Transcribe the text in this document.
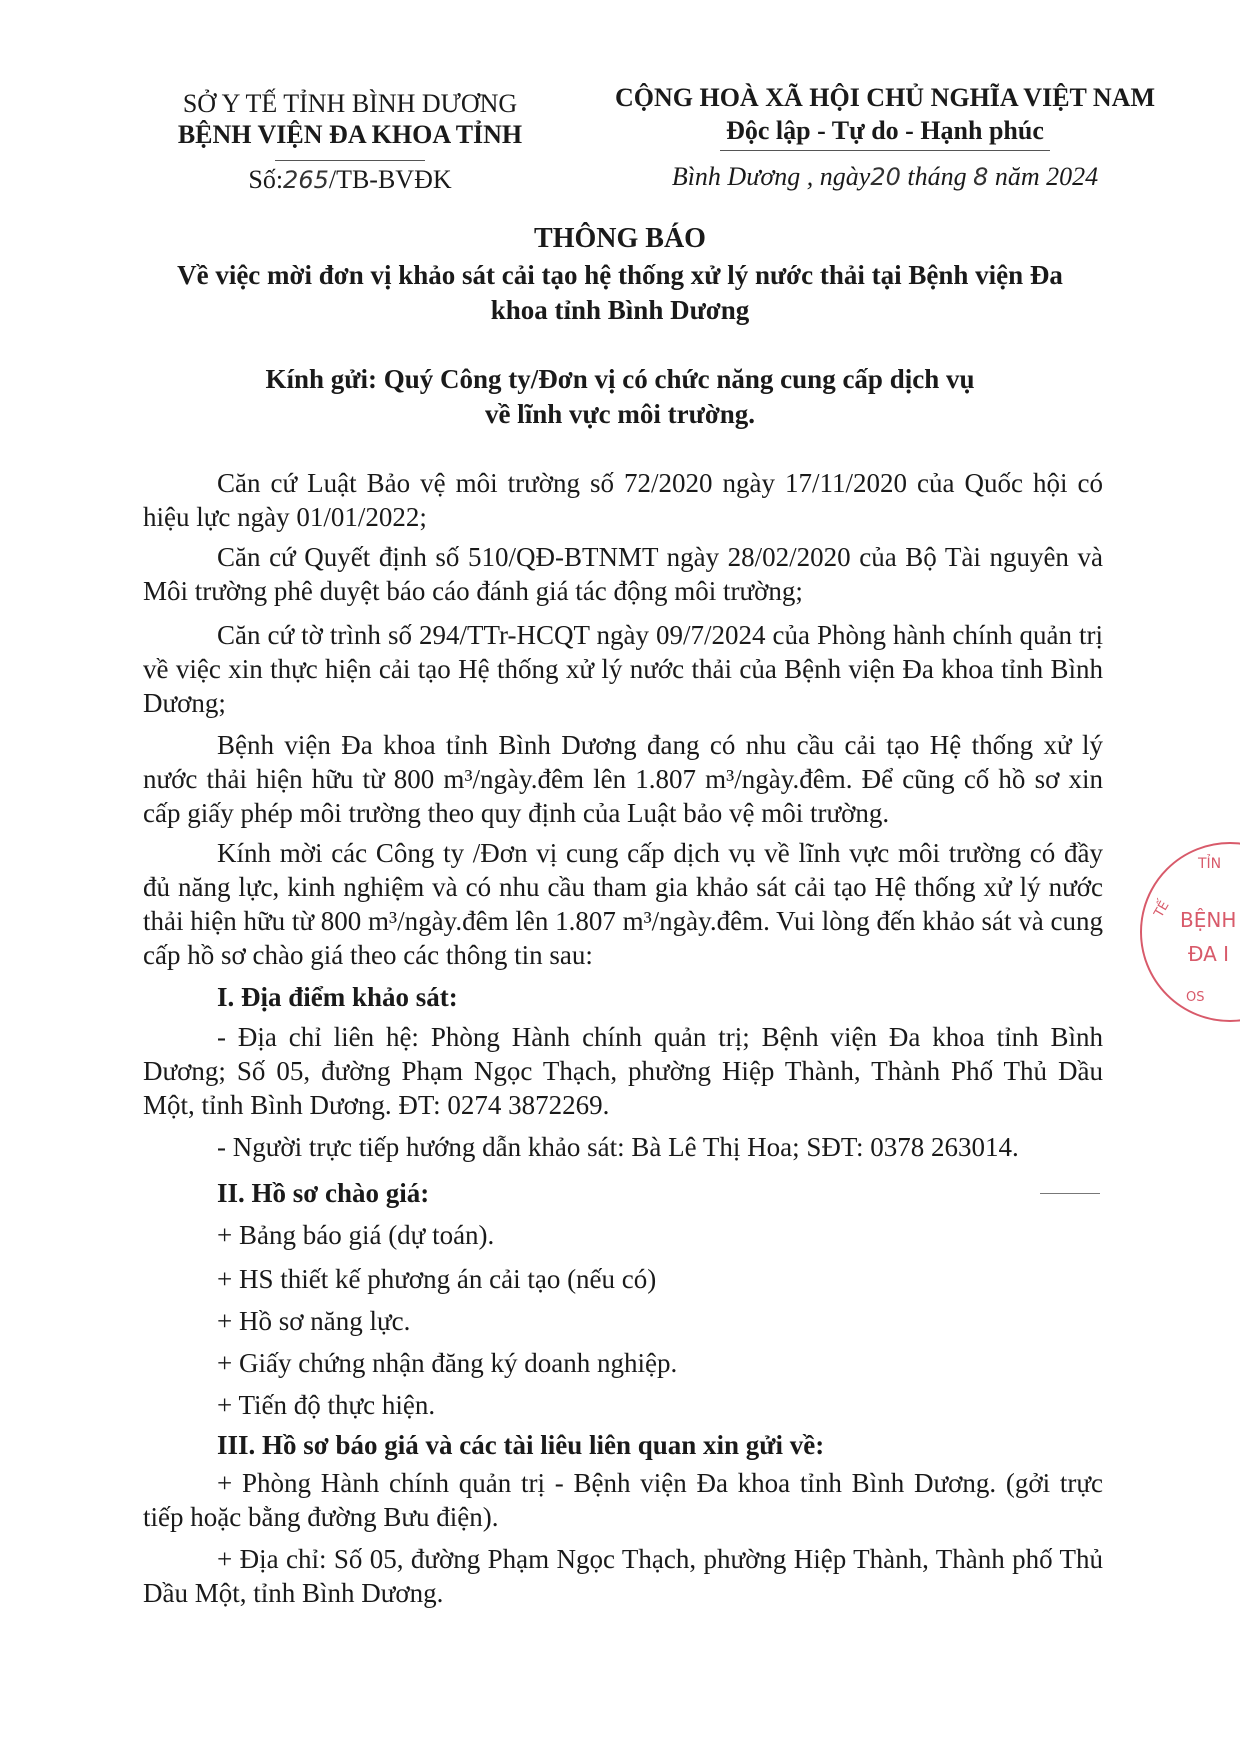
SỞ Y TẾ TỈNH BÌNH DƯƠNG
BỆNH VIỆN ĐA KHOA TỈNH
Số:265/TB-BVĐK
CỘNG HOÀ XÃ HỘI CHỦ NGHĨA VIỆT NAM
Độc lập - Tự do - Hạnh phúc
Bình Dương , ngày20 tháng 8 năm 2024
THÔNG BÁO
Về việc mời đơn vị khảo sát cải tạo hệ thống xử lý nước thải tại Bệnh viện Đa
khoa tỉnh Bình Dương
Kính gửi: Quý Công ty/Đơn vị có chức năng cung cấp dịch vụ
về lĩnh vực môi trường.
Căn cứ Luật Bảo vệ môi trường số 72/2020 ngày 17/11/2020 của Quốc hội có hiệu lực ngày 01/01/2022;
Căn cứ Quyết định số 510/QĐ-BTNMT ngày 28/02/2020 của Bộ Tài nguyên và Môi trường phê duyệt báo cáo đánh giá tác động môi trường;
Căn cứ tờ trình số 294/TTr-HCQT ngày 09/7/2024 của Phòng hành chính quản trị về việc xin thực hiện cải tạo Hệ thống xử lý nước thải của Bệnh viện Đa khoa tỉnh Bình Dương;
Bệnh viện Đa khoa tỉnh Bình Dương đang có nhu cầu cải tạo Hệ thống xử lý nước thải hiện hữu từ 800 m³/ngày.đêm lên 1.807 m³/ngày.đêm. Để cũng cố hồ sơ xin cấp giấy phép môi trường theo quy định của Luật bảo vệ môi trường.
Kính mời các Công ty /Đơn vị cung cấp dịch vụ về lĩnh vực môi trường có đầy đủ năng lực, kinh nghiệm và có nhu cầu tham gia khảo sát cải tạo Hệ thống xử lý nước thải hiện hữu từ 800 m³/ngày.đêm lên 1.807 m³/ngày.đêm. Vui lòng đến khảo sát và cung cấp hồ sơ chào giá theo các thông tin sau:
I. Địa điểm khảo sát:
- Địa chỉ liên hệ: Phòng Hành chính quản trị; Bệnh viện Đa khoa tỉnh Bình Dương; Số 05, đường Phạm Ngọc Thạch, phường Hiệp Thành, Thành Phố Thủ Dầu Một, tỉnh Bình Dương. ĐT: 0274 3872269.
- Người trực tiếp hướng dẫn khảo sát: Bà Lê Thị Hoa; SĐT: 0378 263014.
II. Hồ sơ chào giá:
+ Bảng báo giá (dự toán).
+ HS thiết kế phương án cải tạo (nếu có)
+ Hồ sơ năng lực.
+ Giấy chứng nhận đăng ký doanh nghiệp.
+ Tiến độ thực hiện.
III. Hồ sơ báo giá và các tài liêu liên quan xin gửi về:
+ Phòng Hành chính quản trị - Bệnh viện Đa khoa tỉnh Bình Dương. (gởi trực tiếp hoặc bằng đường Bưu điện).
+ Địa chỉ: Số 05, đường Phạm Ngọc Thạch, phường Hiệp Thành, Thành phố Thủ Dầu Một, tỉnh Bình Dương.
TỈN
TẾ BỆNH
ĐA I
OS
